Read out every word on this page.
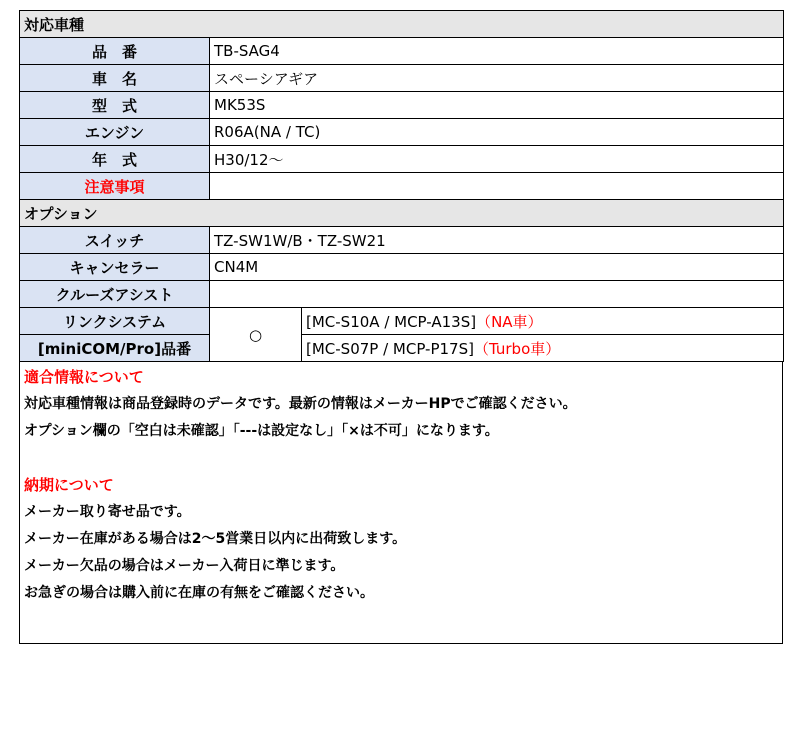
対応車種		
品　番	TB-SAG4	
車　名	スペーシアギア	
型　式	MK53S	
エンジン	R06A(NA / TC)	
年　式	H30/12〜	
注意事項		
オプション		
スイッチ	TZ-SW1W/B・TZ-SW21	
キャンセラー	CN4M	
クルーズアシスト		
リンクシステム	○	[MC-S10A / MCP-A13S]（NA車）
[miniCOM/Pro]品番		[MC-S07P / MCP-P17S]（Turbo車）
適合情報について
対応車種情報は商品登録時のデータです。最新の情報はメーカーHPでご確認ください。
オプション欄の「空白は未確認」「---は設定なし」「×は不可」になります。
納期について
メーカー取り寄せ品です。
メーカー在庫がある場合は2〜5営業日以内に出荷致します。
メーカー欠品の場合はメーカー入荷日に準じます。
お急ぎの場合は購入前に在庫の有無をご確認ください。
